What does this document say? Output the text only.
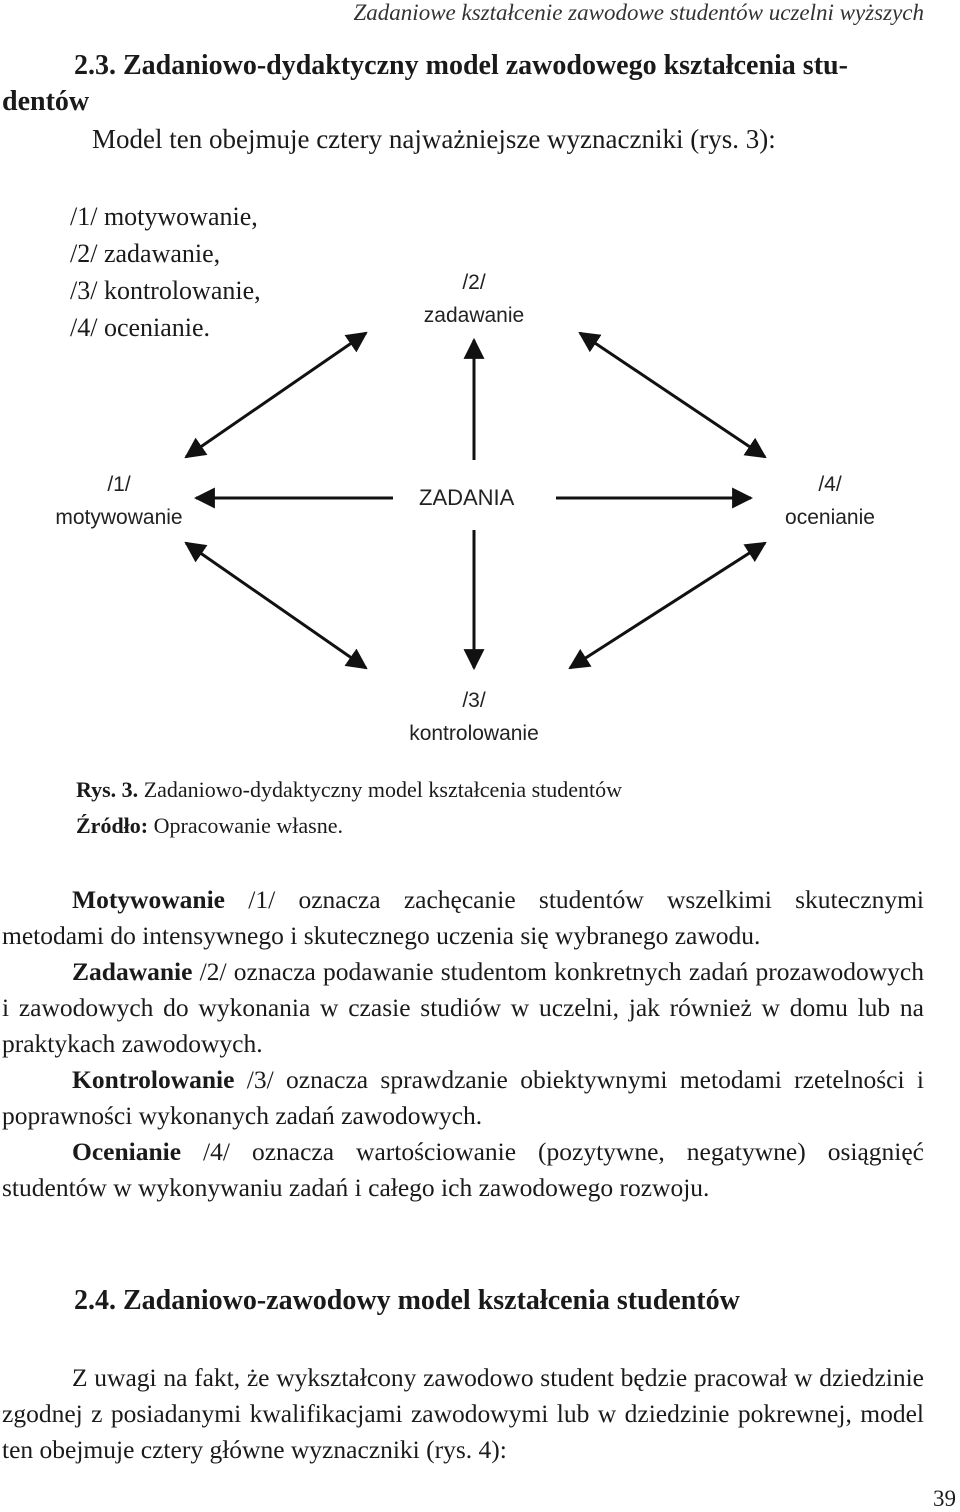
Zadaniowe kształcenie zawodowe studentów uczelni wyższych
2.3. Zadaniowo-dydaktyczny model zawodowego kształcenia stu-
dentów
Model ten obejmuje cztery najważniejsze wyznaczniki (rys. 3):
/1/ motywowanie,
/2/ zadawanie,
/3/ kontrolowanie,
/4/ ocenianie.
/2/
zadawanie
/1/
motywowanie
/4/
ocenianie
ZADANIA
/3/
kontrolowanie
Rys. 3. Zadaniowo-dydaktyczny model kształcenia studentów
Źródło: Opracowanie własne.

Motywowanie /1/ oznacza zachęcanie studentów wszelkimi skutecznymi metodami do intensywnego i skutecznego uczenia się wybranego zawodu.

Zadawanie /2/ oznacza podawanie studentom konkretnych zadań prozawodowych i zawodowych do wykonania w czasie studiów w uczelni, jak również w domu lub na praktykach zawodowych.

Kontrolowanie /3/ oznacza sprawdzanie obiektywnymi metodami rzetelności i poprawności wykonanych zadań zawodowych.

Ocenianie /4/ oznacza wartościowanie (pozytywne, negatywne) osiągnięć studentów w wykonywaniu zadań i całego ich zawodowego rozwoju.

2.4. Zadaniowo-zawodowy model kształcenia studentów

Z uwagi na fakt, że wykształcony zawodowo student będzie pracował w dziedzinie zgodnej z posiadanymi kwalifikacjami zawodowymi lub w dziedzinie pokrewnej, model ten obejmuje cztery główne wyznaczniki (rys. 4):

39
